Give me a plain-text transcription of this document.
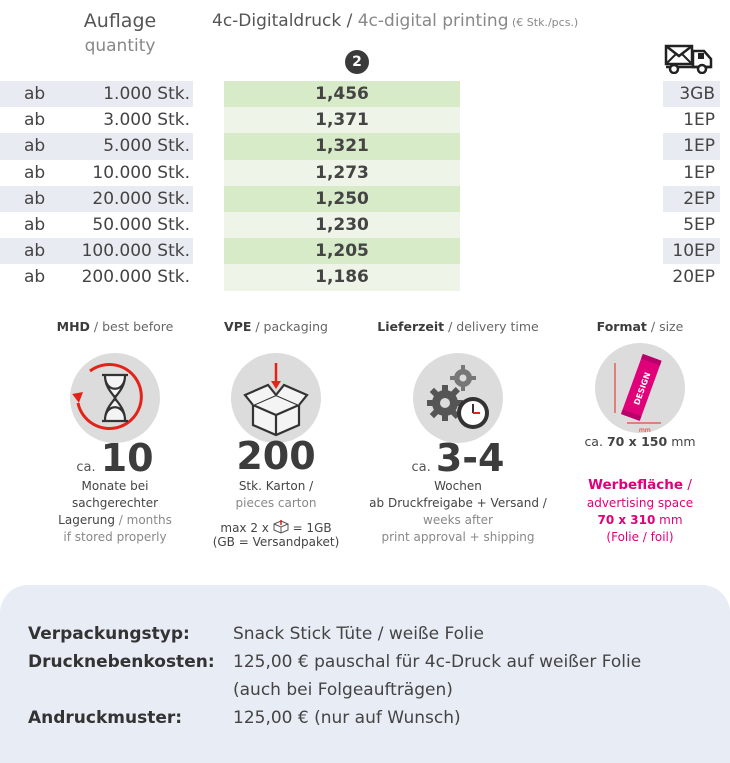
Auflage
quantity
4c-Digitaldruck / 4c-digital printing (€ Stk./pcs.)
2
ab	1.000 Stk.	1,456	3GB
ab	3.000 Stk.	1,371	1EP
ab	5.000 Stk.	1,321	1EP
ab	10.000 Stk.	1,273	1EP
ab	20.000 Stk.	1,250	2EP
ab	50.000 Stk.	1,230	5EP
ab 100.000 Stk.	1,205	10EP
ab 200.000 Stk.	1,186	20EP
MHD / best before
ca. 10
Monate bei
sachgerechter
Lagerung / months
if stored properly
VPE / packaging
200
Stk. Karton /
pieces carton
max 2 x = 1GB
(GB = Versandpaket)
Lieferzeit / delivery time
ca. 3-4
Wochen
ab Druckfreigabe + Versand /
weeks after
print approval + shipping
Format / size
DESIGN
mm
ca. 70 x 150 mm
Werbefläche /
advertising space
70 x 310 mm
(Folie / foil)
Verpackungstyp:	Snack Stick Tüte / weiße Folie
Drucknebenkosten: 125,00 € pauschal für 4c-Druck auf weißer Folie
(auch bei Folgeaufträgen)
Andruckmuster:	125,00 € (nur auf Wunsch)
